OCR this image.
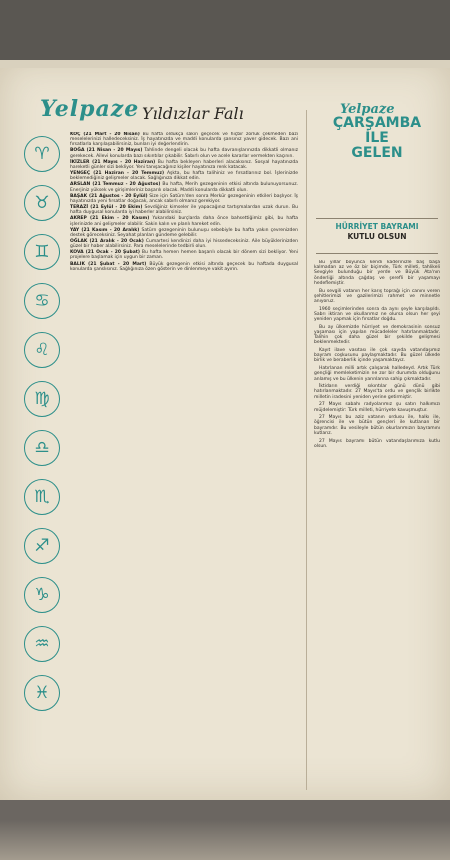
Yelpaze Yıldızlar Falı
♈
♉
♊
♋
♌
♍
♎
♏
♐
♑
♒
♓

KOÇ (21 Mart - 20 Nisan) Bu hafta oldukça sakin geçecek ve hiçbir zorluk çekmeden bazı meselelerinizi halledeceksiniz. İş hayatınızda ve maddi konularda şansınız yaver gidecek. Bazı ani fırsatlarla karşılaşabilirsiniz, bunları iyi değerlendirin.

BOĞA (21 Nisan - 20 Mayıs) Tahlinde dengeli olacak bu hafta davranışlarınızda dikkatli olmanız gerekecek. Ailevi konularda bazı sıkıntılar çıkabilir. Sabırlı olun ve acele kararlar vermekten kaçının.

İKİZLER (21 Mayıs - 20 Haziran) Bu hafta bekleyen haberleri alacaksınız. Sosyal hayatınızda hareketli günler sizi bekliyor. Yeni tanışacağınız kişiler hayatınıza renk katacak.

YENGEÇ (21 Haziran - 20 Temmuz) Aşkta, bu hafta talihiniz ve fırsatlarınız bol. İşlerinizde beklemediğiniz gelişmeler olacak. Sağlığınıza dikkat edin.

ARSLAN (21 Temmuz - 20 Ağustos) Bu hafta, Merih gezegeninin etkisi altında bulunuyorsunuz. Enerjiniz yüksek ve girişimleriniz başarılı olacak. Maddi konularda dikkatli olun.

BAŞAK (21 Ağustos - 20 Eylül) Size için Satürn'den sonra Merkür gezegeninin etkileri başlıyor. İş hayatınızda yeni fırsatlar doğacak, ancak sabırlı olmanız gerekiyor.

TERAZİ (21 Eylül - 20 Ekim) Sevdiğiniz kimseler ile yapacağınız tartışmalardan uzak durun. Bu hafta duygusal konularda iyi haberler alabilirsiniz.

AKREP (21 Ekim - 20 Kasım) Yukarıdaki burçlarda daha önce bahsettiğimiz gibi, bu hafta işlerinizde ani gelişmeler olabilir. Sakin kalın ve planlı hareket edin.

YAY (21 Kasım - 20 Aralık) Satürn gezegeninin bulunuşu sebebiyle bu hafta yakın çevrenizden destek göreceksiniz. Seyahat planları gündeme gelebilir.

OĞLAK (21 Aralık - 20 Ocak) Cumartesi kendinizi daha iyi hissedeceksiniz. Aile büyüklerinizden güzel bir haber alabilirsiniz. Para meselelerinde tedbirli olun.

KOVA (21 Ocak - 20 Şubat) Bu hafta hemen hemen başarılı olacak bir dönem sizi bekliyor. Yeni projelere başlamak için uygun bir zaman.

BALIK (21 Şubat - 20 Mart) Büyük gezegenin etkisi altında geçecek bu haftada duygusal konularda şanslısınız. Sağlığınıza özen gösterin ve dinlenmeye vakit ayırın.

Yelpaze
ÇARŞAMBA
İLE
GELEN
HÜRRİYET BAYRAMI
KUTLU OLSUN

Bu yıllar boyunca kendi kaderinizle baş başa kalmadan az ve öz bir biçimde, Türk milleti, tahlikeli Sevgiyle bulunduğu bir yerde ve Büyük Ata'nın önderliği altında çağdaş ve şerefli bir yaşamayı hedeflemiştir.

Bu sevgili vatanın her karış toprağı için canını veren şehitlerimizi ve gazilerimizi rahmet ve minnetle anıyoruz.

1960 seçimlerinden sonra da aynı şeyle karşılaşıldı. Sabrı iktiran ve okullarımız ne olursa olsun her şeyi yeniden yapmak için fırsatlar doğdu.

Bu ay ülkemizde hürriyet ve demokrasinin sonsuz yaşaması için yapılan mücadeleler hatırlanmaktadır. Talihin çok daha güzel bir şekilde gelişmesi beklenmektedir.

Kayıt ilave vasıtası ile çok sayıda vatandaşımız bayram coşkusunu paylaşmaktadır. Bu güzel ülkede birlik ve beraberlik içinde yaşamaktayız.

Hatırlanan milli artık çalışarak halledeyd. Artık Türk gençliği memleketimizin ne zor bir durumda olduğunu anlamış ve bu ülkenin yarınlarına sahip çıkmaktadır.

İktidarın verdiği sıkıntılar günü dünü gibi hatırlanmaktadır. 27 Mayıs'ta ordu ve gençlik birlikte milletin iradesini yeniden yerine getirmiştir.

27 Mayıs sabahı radyolarımız şu satırı halkımızı müjdelemiştir: Türk milleti, hürriyete kavuşmuştur.

27 Mayıs bu aziz vatanın ordusu ile, halkı ile, öğrencisi ile ve bütün gençleri ile kutlanan bir bayramdır. Bu vesileyle bütün okurlarımızın bayramını kutlarız.

27 Mayıs bayramı bütün vatandaşlarımıza kutlu olsun.
